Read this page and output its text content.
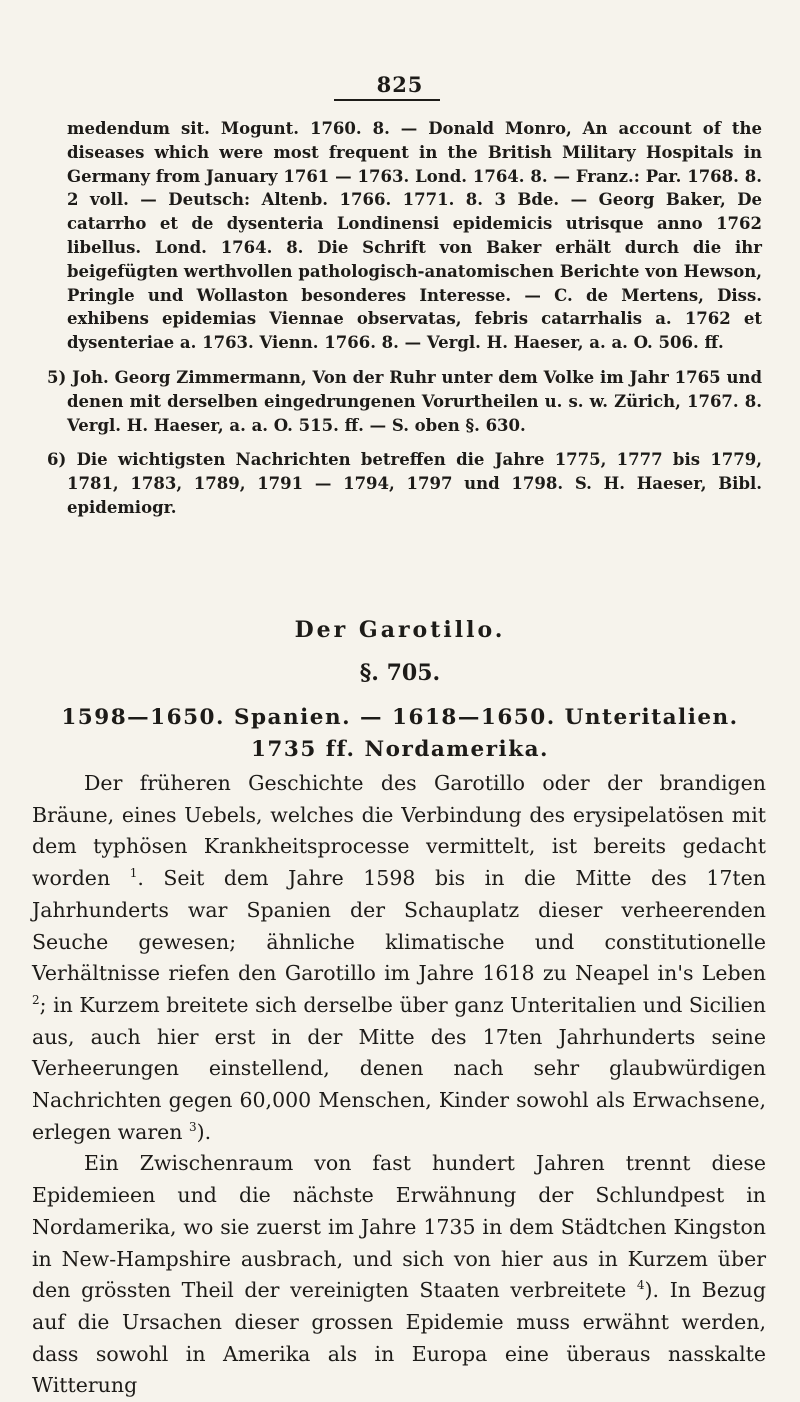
825

medendum sit. Mogunt. 1760. 8. — Donald Monro, An account of the diseases which were most frequent in the British Military Hospitals in Germany from January 1761 — 1763. Lond. 1764. 8. — Franz.: Par. 1768. 8. 2 voll. — Deutsch: Altenb. 1766. 1771. 8. 3 Bde. — Georg Baker, De catarrho et de dysenteria Londinensi epidemicis utrisque anno 1762 libellus. Lond. 1764. 8. Die Schrift von Baker erhält durch die ihr beigefügten werthvollen pathologisch-anatomischen Berichte von Hewson, Pringle und Wollaston besonderes Interesse. — C. de Mertens, Diss. exhibens epidemias Viennae observatas, febris catarrhalis a. 1762 et dysenteriae a. 1763. Vienn. 1766. 8. — Vergl. H. Haeser, a. a. O. 506. ff.

5) Joh. Georg Zimmermann, Von der Ruhr unter dem Volke im Jahr 1765 und denen mit derselben eingedrungenen Vorurtheilen u. s. w. Zürich, 1767. 8. Vergl. H. Haeser, a. a. O. 515. ff. — S. oben §. 630.

6) Die wichtigsten Nachrichten betreffen die Jahre 1775, 1777 bis 1779, 1781, 1783, 1789, 1791 — 1794, 1797 und 1798. S. H. Haeser, Bibl. epidemiogr.

Der Garotillo.
§. 705.
1598—1650. Spanien. — 1618—1650. Unteritalien. 1735 ff. Nordamerika.

Der früheren Geschichte des Garotillo oder der brandigen Bräune, eines Uebels, welches die Verbindung des erysipelatösen mit dem typhösen Krankheitsprocesse vermittelt, ist bereits gedacht worden $^1$. Seit dem Jahre 1598 bis in die Mitte des 17ten Jahrhunderts war Spanien der Schauplatz dieser verheerenden Seuche gewesen; ähnliche klimatische und constitutionelle Verhältnisse riefen den Garotillo im Jahre 1618 zu Neapel in's Leben $^2$; in Kurzem breitete sich derselbe über ganz Unteritalien und Sicilien aus, auch hier erst in der Mitte des 17ten Jahrhunderts seine Verheerungen einstellend, denen nach sehr glaubwürdigen Nachrichten gegen 60,000 Menschen, Kinder sowohl als Erwachsene, erlegen waren $^3$).

Ein Zwischenraum von fast hundert Jahren trennt diese Epidemieen und die nächste Erwähnung der Schlundpest in Nordamerika, wo sie zuerst im Jahre 1735 in dem Städtchen Kingston in New-Hampshire ausbrach, und sich von hier aus in Kurzem über den grössten Theil der vereinigten Staaten verbreitete $^4$). In Bezug auf die Ursachen dieser grossen Epidemie muss erwähnt werden, dass sowohl in Amerika als in Europa eine überaus nasskalte Witterung
